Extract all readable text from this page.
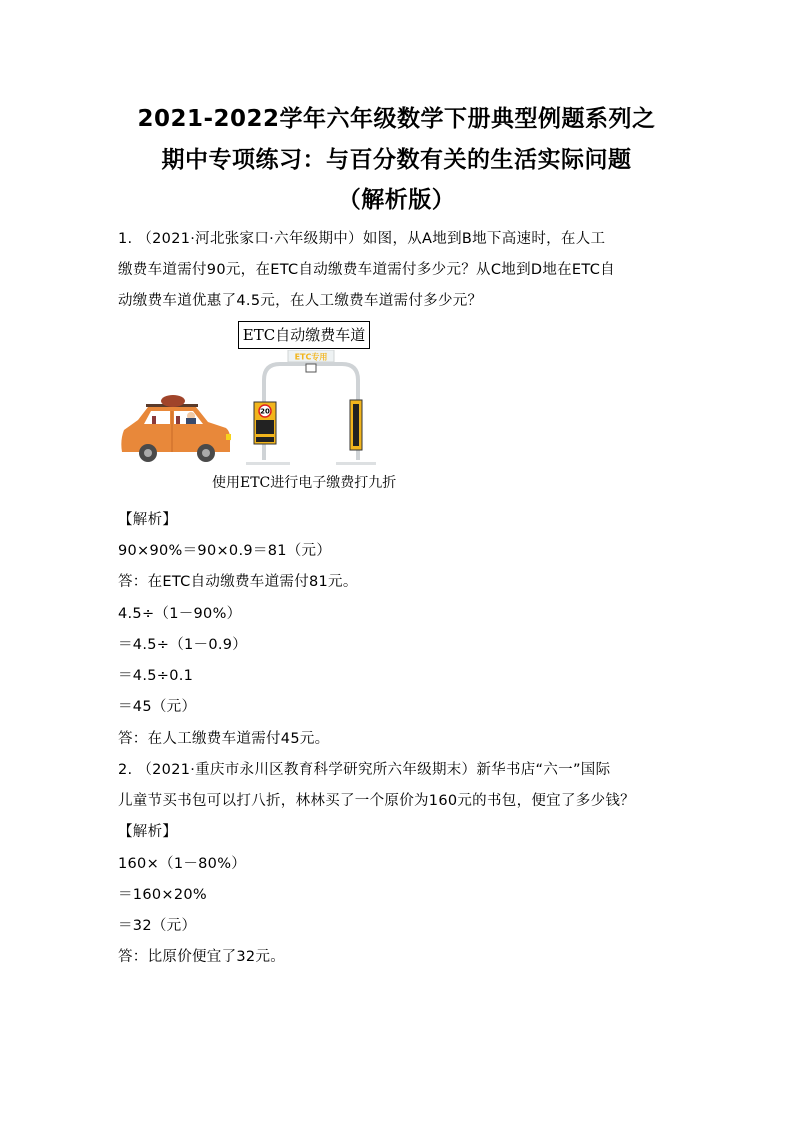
2021-2022学年六年级数学下册典型例题系列之
期中专项练习：与百分数有关的生活实际问题
（解析版）
1. （2021·河北张家口·六年级期中）如图，从A地到B地下高速时，在人工
缴费车道需付90元，在ETC自动缴费车道需付多少元？从C地到D地在ETC自
动缴费车道优惠了4.5元，在人工缴费车道需付多少元？
ETC自动缴费车道
ETC专用
20
使用ETC进行电子缴费打九折
【解析】
90×90%＝90×0.9＝81（元）
答：在ETC自动缴费车道需付81元。
4.5÷（1－90%）
＝4.5÷（1－0.9）
＝4.5÷0.1
＝45（元）
答：在人工缴费车道需付45元。
2. （2021·重庆市永川区教育科学研究所六年级期末）新华书店“六一”国际
儿童节买书包可以打八折，林林买了一个原价为160元的书包，便宜了多少钱？
【解析】
160×（1－80%）
＝160×20%
＝32（元）
答：比原价便宜了32元。
